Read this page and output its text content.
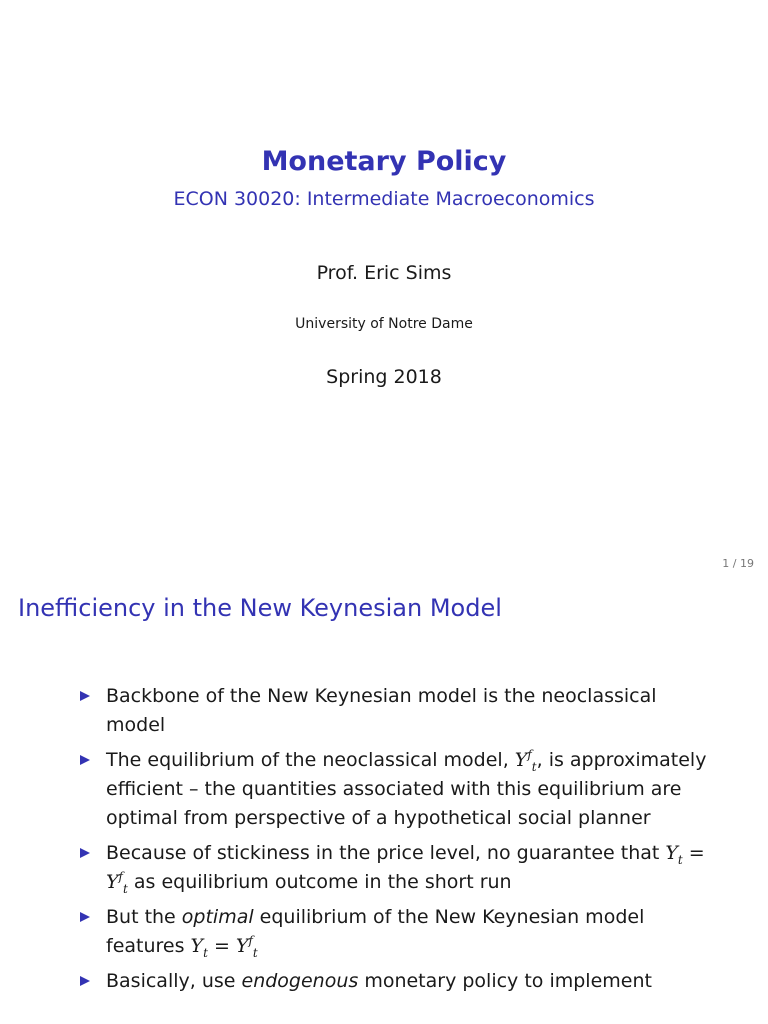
Monetary Policy
ECON 30020: Intermediate Macroeconomics
Prof. Eric Sims
University of Notre Dame
Spring 2018
1 / 19
Inefficiency in the New Keynesian Model
Backbone of the New Keynesian model is the neoclassical model
The equilibrium of the neoclassical model, $Y^f_t$, is approximately efficient – the quantities associated with this equilibrium are optimal from perspective of a hypothetical social planner
Because of stickiness in the price level, no guarantee that $Y_t = Y^f_t$ as equilibrium outcome in the short run
But the optimal equilibrium of the New Keynesian model features $Y_t = Y^f_t$
Basically, use endogenous monetary policy to implement
